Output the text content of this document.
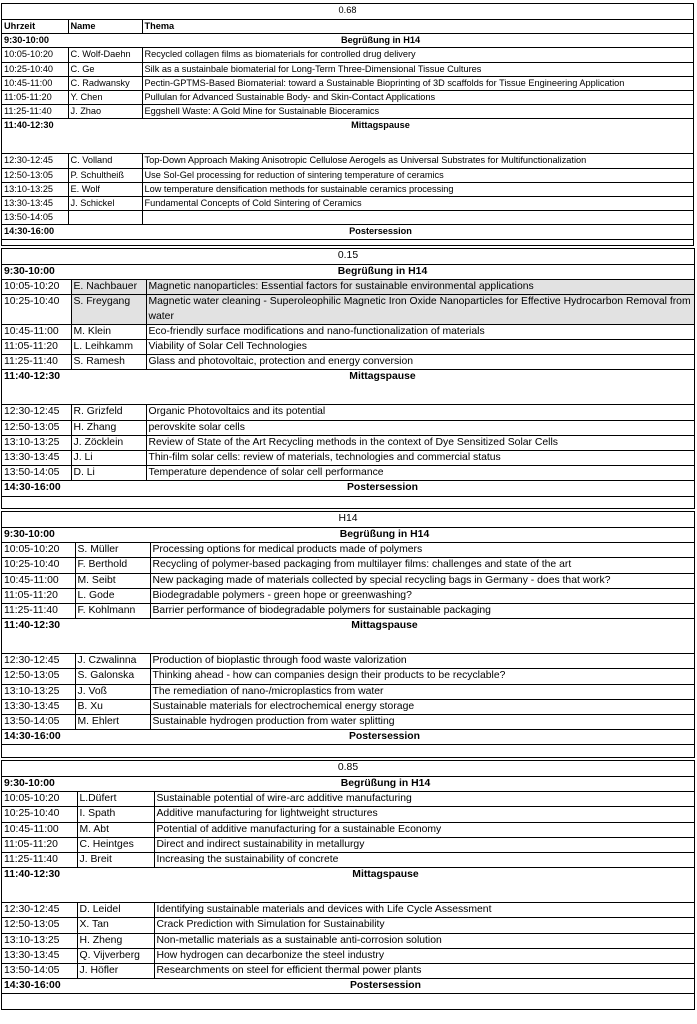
0.68		
Uhrzeit	Name	Thema
9:30-10:00	Begrüßung in H14	
10:05-10:20	C. Wolf-Daehn	Recycled collagen films as biomaterials for controlled drug delivery
10:25-10:40	C. Ge	Silk as a sustainbale biomaterial for Long-Term Three-Dimensional Tissue Cultures
10:45-11:00	C. Radwansky	Pectin-GPTMS-Based Biomaterial: toward a Sustainable Bioprinting of 3D scaffolds for Tissue Engineering Application
11:05-11:20	Y. Chen	Pullulan for Advanced Sustainable Body- and Skin-Contact Applications
11:25-11:40	J. Zhao	Eggshell Waste: A Gold Mine for Sustainable Bioceramics
11:40-12:30	Mittagspause	
12:30-12:45	C. Volland	Top-Down Approach Making Anisotropic Cellulose Aerogels as Universal Substrates for Multifunctionalization
12:50-13:05	P. Schultheiß	Use Sol-Gel processing for reduction of sintering temperature of ceramics
13:10-13:25	E. Wolf	Low temperature densification methods for sustainable ceramics processing
13:30-13:45	J. Schickel	Fundamental Concepts of Cold Sintering of Ceramics
13:50-14:05		
14:30-16:00	Postersession	
0.15		
9:30-10:00	Begrüßung in H14	
10:05-10:20	E. Nachbauer	Magnetic nanoparticles: Essential factors for sustainable environmental applications
10:25-10:40	S. Freygang	Magnetic water cleaning - Superoleophilic Magnetic Iron Oxide Nanoparticles for Effective Hydrocarbon Removal from water
10:45-11:00	M. Klein	Eco-friendly surface modifications and nano-functionalization of materials
11:05-11:20	L. Leihkamm	Viability of Solar Cell Technologies
11:25-11:40	S. Ramesh	Glass and photovoltaic, protection and energy conversion
11:40-12:30	Mittagspause	
12:30-12:45	R. Grizfeld	Organic Photovoltaics and its potential
12:50-13:05	H. Zhang	perovskite solar cells
13:10-13:25	J. Zöcklein	Review of State of the Art Recycling methods in the context of Dye Sensitized Solar Cells
13:30-13:45	J. Li	Thin-film solar cells: review of materials, technologies and commercial status
13:50-14:05	D. Li	Temperature dependence of solar cell performance
14:30-16:00	Postersession	
H14		
9:30-10:00	Begrüßung in H14	
10:05-10:20	S. Müller	Processing options for medical products made of polymers
10:25-10:40	F. Berthold	Recycling of polymer-based packaging from multilayer films: challenges and state of the art
10:45-11:00	M. Seibt	New packaging made of materials collected by special recycling bags in Germany - does that work?
11:05-11:20	L. Gode	Biodegradable polymers - green hope or greenwashing?
11:25-11:40	F. Kohlmann	Barrier performance of biodegradable polymers for sustainable packaging
11:40-12:30	Mittagspause	
12:30-12:45	J. Czwalinna	Production of bioplastic through food waste valorization
12:50-13:05	S. Galonska	Thinking ahead - how can companies design their products to be recyclable?
13:10-13:25	J. Voß	The remediation of nano-/microplastics from water
13:30-13:45	B. Xu	Sustainable materials for electrochemical energy storage
13:50-14:05	M. Ehlert	Sustainable hydrogen production from water splitting
14:30-16:00	Postersession	
0.85		
9:30-10:00	Begrüßung in H14	
10:05-10:20	L.Düfert	Sustainable potential of wire-arc additive manufacturing
10:25-10:40	I. Spath	Additive manufacturing for lightweight structures
10:45-11:00	M. Abt	Potential of additive manufacturing for a sustainable Economy
11:05-11:20	C. Heintges	Direct and indirect sustainability in metallurgy
11:25-11:40	J. Breit	Increasing the sustainability of concrete
11:40-12:30	Mittagspause	
12:30-12:45	D. Leidel	Identifying sustainable materials and devices with Life Cycle Assessment
12:50-13:05	X. Tan	Crack Prediction with Simulation for Sustainability
13:10-13:25	H. Zheng	Non-metallic materials as a sustainable anti-corrosion solution
13:30-13:45	Q. Vijverberg	How hydrogen can decarbonize the steel industry
13:50-14:05	J. Höfler	Researchments on steel for efficient thermal power plants
14:30-16:00	Postersession	
